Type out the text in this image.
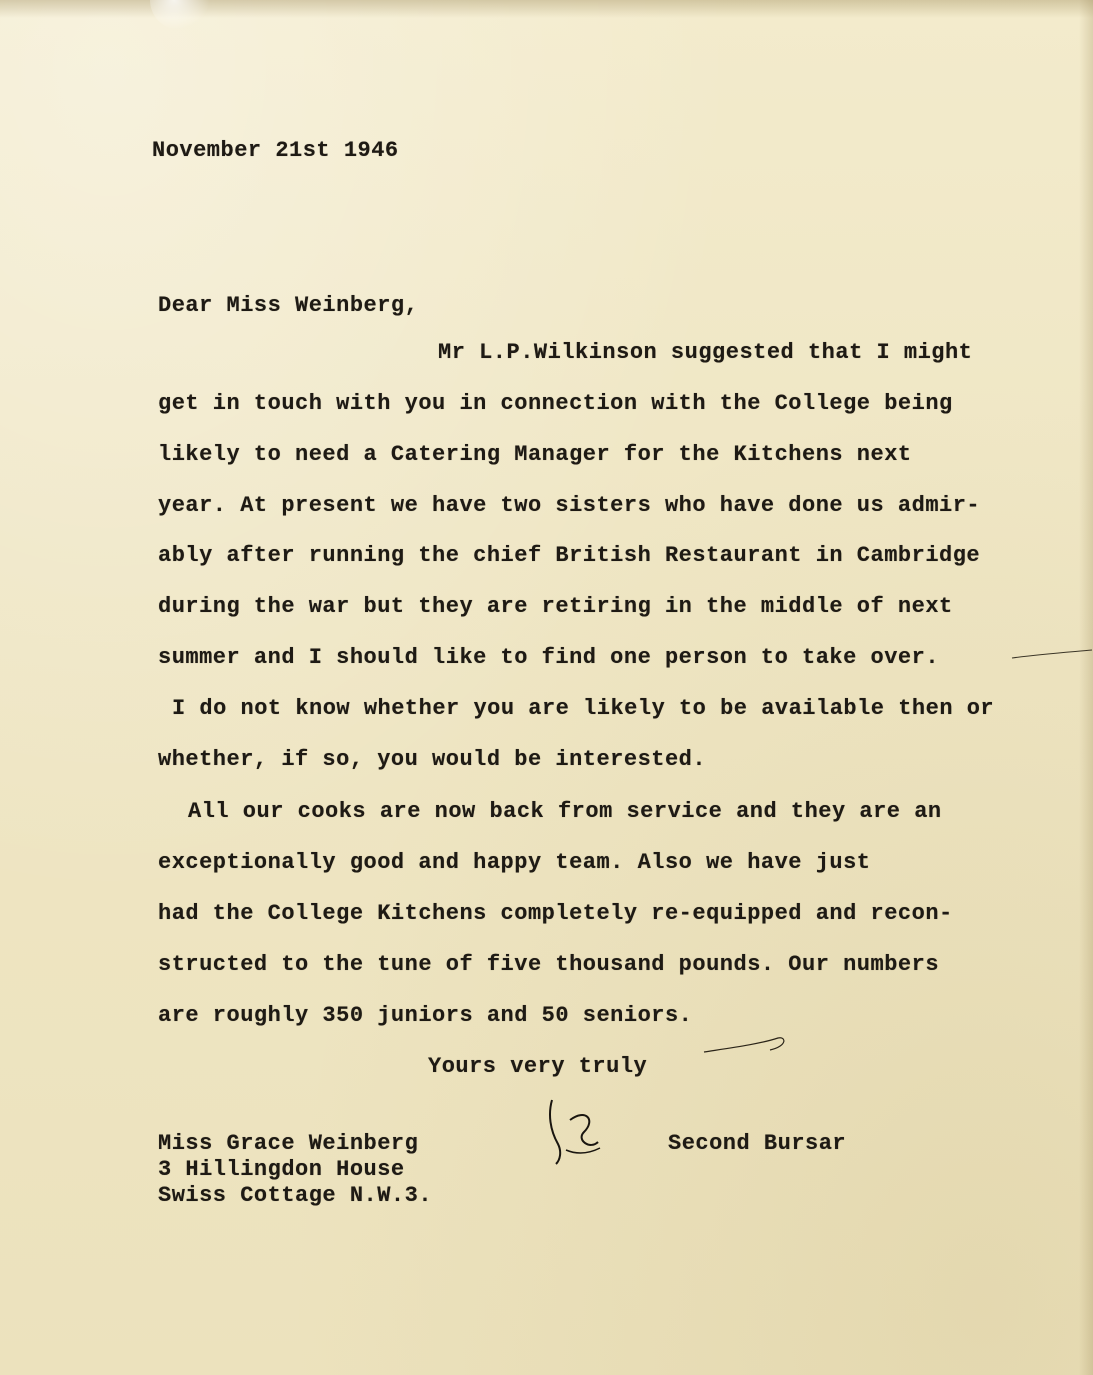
November 21st 1946
Dear Miss Weinberg,
Mr L.P.Wilkinson suggested that I might
get in touch with you in connection with the College being
likely to need a Catering Manager for the Kitchens next
year. At present we have two sisters who have done us admir-
ably after running the chief British Restaurant in Cambridge
during the war but they are retiring in the middle of next
summer and I should like to find one person to take over.
I do not know whether you are likely to be available then or
whether, if so, you would be interested.
All our cooks are now back from service and they are an
exceptionally good and happy team. Also we have just
had the College Kitchens completely re-equipped and recon-
structed to the tune of five thousand pounds. Our numbers
are roughly 350 juniors and 50 seniors.
Yours very truly
Miss Grace Weinberg
3 Hillingdon House
Swiss Cottage N.W.3.
Second Bursar
